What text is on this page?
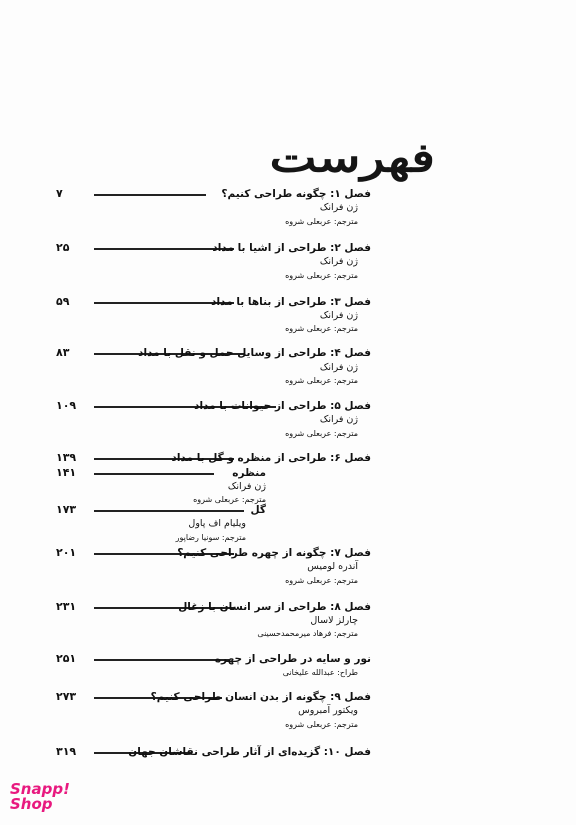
فهرست
۷	فصل ۱: چگونه طراحی کنیم؟
ژن فرانک
مترجم: عربعلی شروه
۲۵	فصل ۲: طراحی از اشیا با مداد
ژن فرانک
مترجم: عربعلی شروه
۵۹	فصل ۳: طراحی از بناها با مداد
ژن فرانک
مترجم: عربعلی شروه
۸۳	فصل ۴: طراحی از وسایل حمل و نقل با مداد
ژن فرانک
مترجم: عربعلی شروه
۱۰۹	فصل ۵: طراحی از حیوانات با مداد
ژن فرانک
مترجم: عربعلی شروه
۱۳۹	فصل ۶: طراحی از منظره و گل با مداد
۱۴۱	منظره
ژن فرانک
مترجم: عربعلی شروه
۱۷۳	گل
ویلیام اف پاول
مترجم: سونیا رضاپور
۲۰۱	فصل ۷: چگونه از چهره طراحی کنیم؟
آندره لومیس
مترجم: عربعلی شروه
۲۳۱	فصل ۸: طراحی از سر انسان با زغال
چارلز لاسال
مترجم: فرهاد میرمحمدحسینی
۲۵۱	نور و سایه در طراحی از چهره
طراح: عبدالله علیخانی
۲۷۳	فصل ۹: چگونه از بدن انسان طراحی کنیم؟
ویکتور آمبروس
مترجم: عربعلی شروه
۳۱۹	فصل ۱۰: گزیده‌ای از آثار طراحی نقاشان جهان
Snapp!
Shop
